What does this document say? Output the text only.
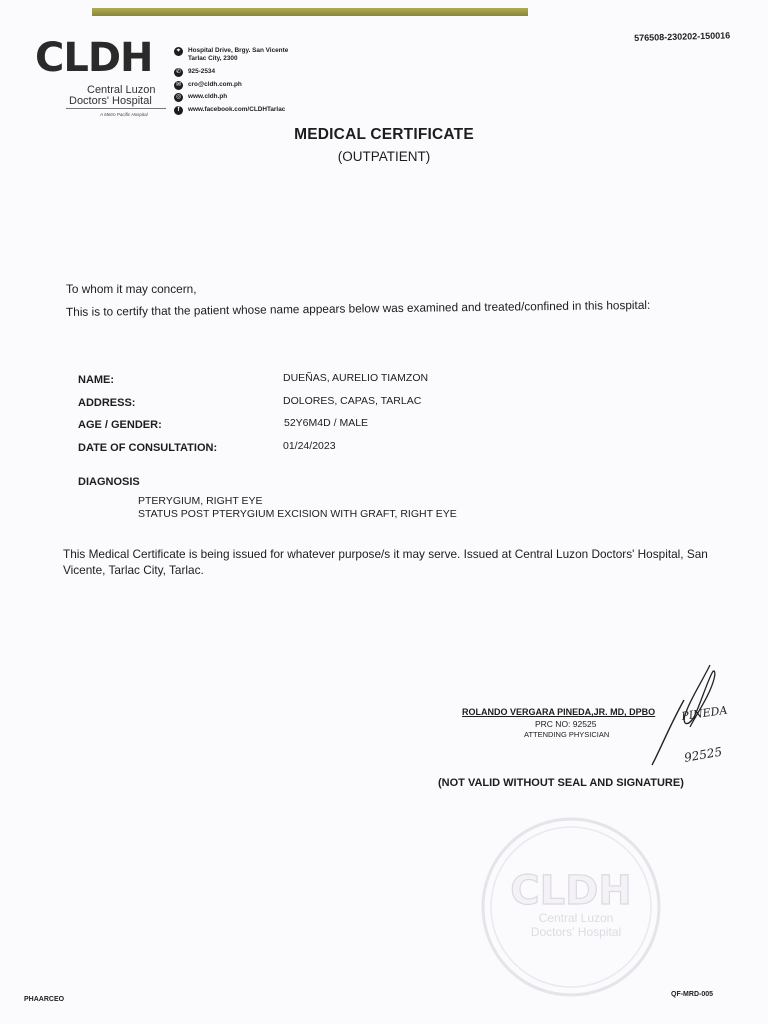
CLDH
Central Luzon
Doctors' Hospital
A Metro Pacific Hospital
⌖	Hospital Drive, Brgy. San Vicente
Tarlac City, 2300
✆	925-2534
✉	cro@cldh.com.ph
◎ www.cldh.ph
f	www.facebook.com/CLDHTarlac
576508-230202-150016
MEDICAL CERTIFICATE
(OUTPATIENT)
To whom it may concern,
This is to certify that the patient whose name appears below was examined and treated/confined in this hospital:
NAME:	DUEÑAS, AURELIO TIAMZON
ADDRESS:	DOLORES, CAPAS, TARLAC
AGE / GENDER:	52Y6M4D / MALE
DATE OF CONSULTATION:	01/24/2023
DIAGNOSIS
PTERYGIUM, RIGHT EYE
STATUS POST PTERYGIUM EXCISION WITH GRAFT, RIGHT EYE
This Medical Certificate is being issued for whatever purpose/s it may serve. Issued at Central Luzon Doctors' Hospital, San Vicente, Tarlac City, Tarlac.
ROLANDO VERGARA PINEDA,JR. MD, DPBO
PRC NO: 92525
ATTENDING PHYSICIAN
PINEDA
92525
(NOT VALID WITHOUT SEAL AND SIGNATURE)
CLDH
Central Luzon
Doctors' Hospital
PHAARCEO
QF-MRD-005
